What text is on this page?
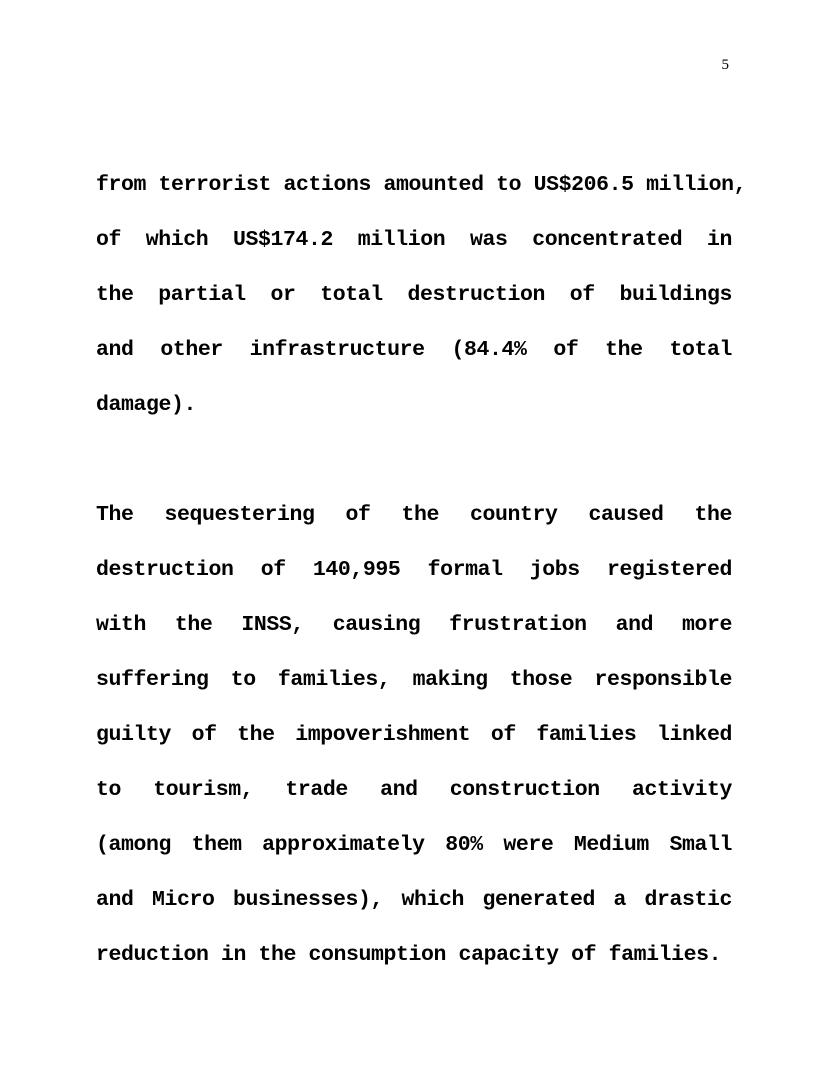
5

from terrorist actions amounted to US$206.5 million,
of which US$174.2 million was concentrated in
the partial or total destruction of buildings
and other infrastructure (84.4% of the total
damage).

The sequestering of the country caused the
destruction of 140,995 formal jobs registered
with the INSS, causing frustration and more
suffering to families, making those responsible
guilty of the impoverishment of families linked
to tourism, trade and construction activity
(among them approximately 80% were Medium Small
and Micro businesses), which generated a drastic
reduction in the consumption capacity of families.
